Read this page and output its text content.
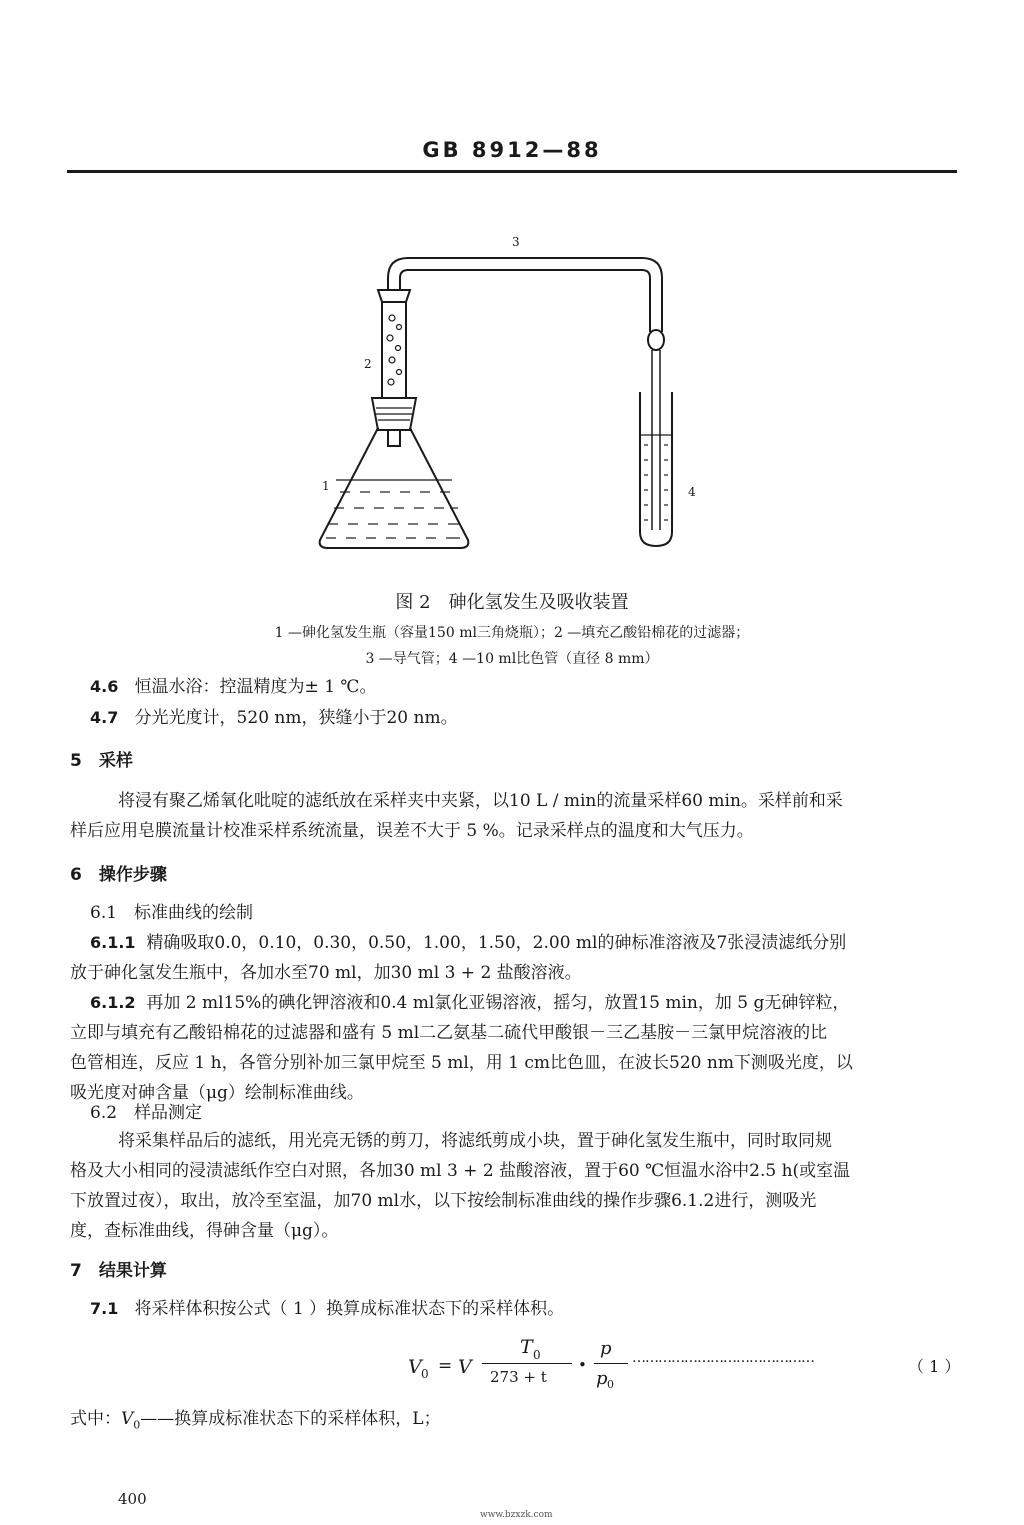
GB 8912—88
3
2
1	4
图 2　砷化氢发生及吸收装置
1 —砷化氢发生瓶（容量150 ml三角烧瓶）；2 —填充乙酸铅棉花的过滤器；
3 —导气管；4 —10 ml比色管（直径 8 mm）
4.6 恒温水浴：控温精度为± 1 ℃。
4.7 分光光度计，520 nm，狭缝小于20 nm。
5　采样
将浸有聚乙烯氧化吡啶的滤纸放在采样夹中夹紧，以10 L / min的流量采样60 min。采样前和采
样后应用皂膜流量计校准采样系统流量，误差不大于 5 %。记录采样点的温度和大气压力。
6　操作步骤
6.1　标准曲线的绘制
6.1.1 精确吸取0.0，0.10，0.30，0.50，1.00，1.50，2.00 ml的砷标准溶液及7张浸渍滤纸分别
放于砷化氢发生瓶中，各加水至70 ml，加30 ml 3 + 2 盐酸溶液。
6.1.2 再加 2 ml15%的碘化钾溶液和0.4 ml氯化亚锡溶液，摇匀，放置15 min，加 5 g无砷锌粒，
立即与填充有乙酸铅棉花的过滤器和盛有 5 ml二乙氨基二硫代甲酸银－三乙基胺－三氯甲烷溶液的比
色管相连，反应 1 h，各管分别补加三氯甲烷至 5 ml，用 1 cm比色皿，在波长520 nm下测吸光度，以
吸光度对砷含量（μg）绘制标准曲线。
6.2　样品测定
将采集样品后的滤纸，用光亮无锈的剪刀，将滤纸剪成小块，置于砷化氢发生瓶中，同时取同规
格及大小相同的浸渍滤纸作空白对照，各加30 ml 3 + 2 盐酸溶液，置于60 ℃恒温水浴中2.5 h(或室温
下放置过夜），取出，放冷至室温，加70 ml水，以下按绘制标准曲线的操作步骤6.1.2进行，测吸光
度，查标准曲线，得砷含量（μg）。
7　结果计算
7.1 将采样体积按公式（ 1 ）换算成标准状态下的采样体积。
V 0 = V
T 0
273 + t
•
p
p 0
……………………………………	（ 1 ）
式中：$V_0——$换算成标准状态下的采样体积，L；
400
www.bzxzk.com
